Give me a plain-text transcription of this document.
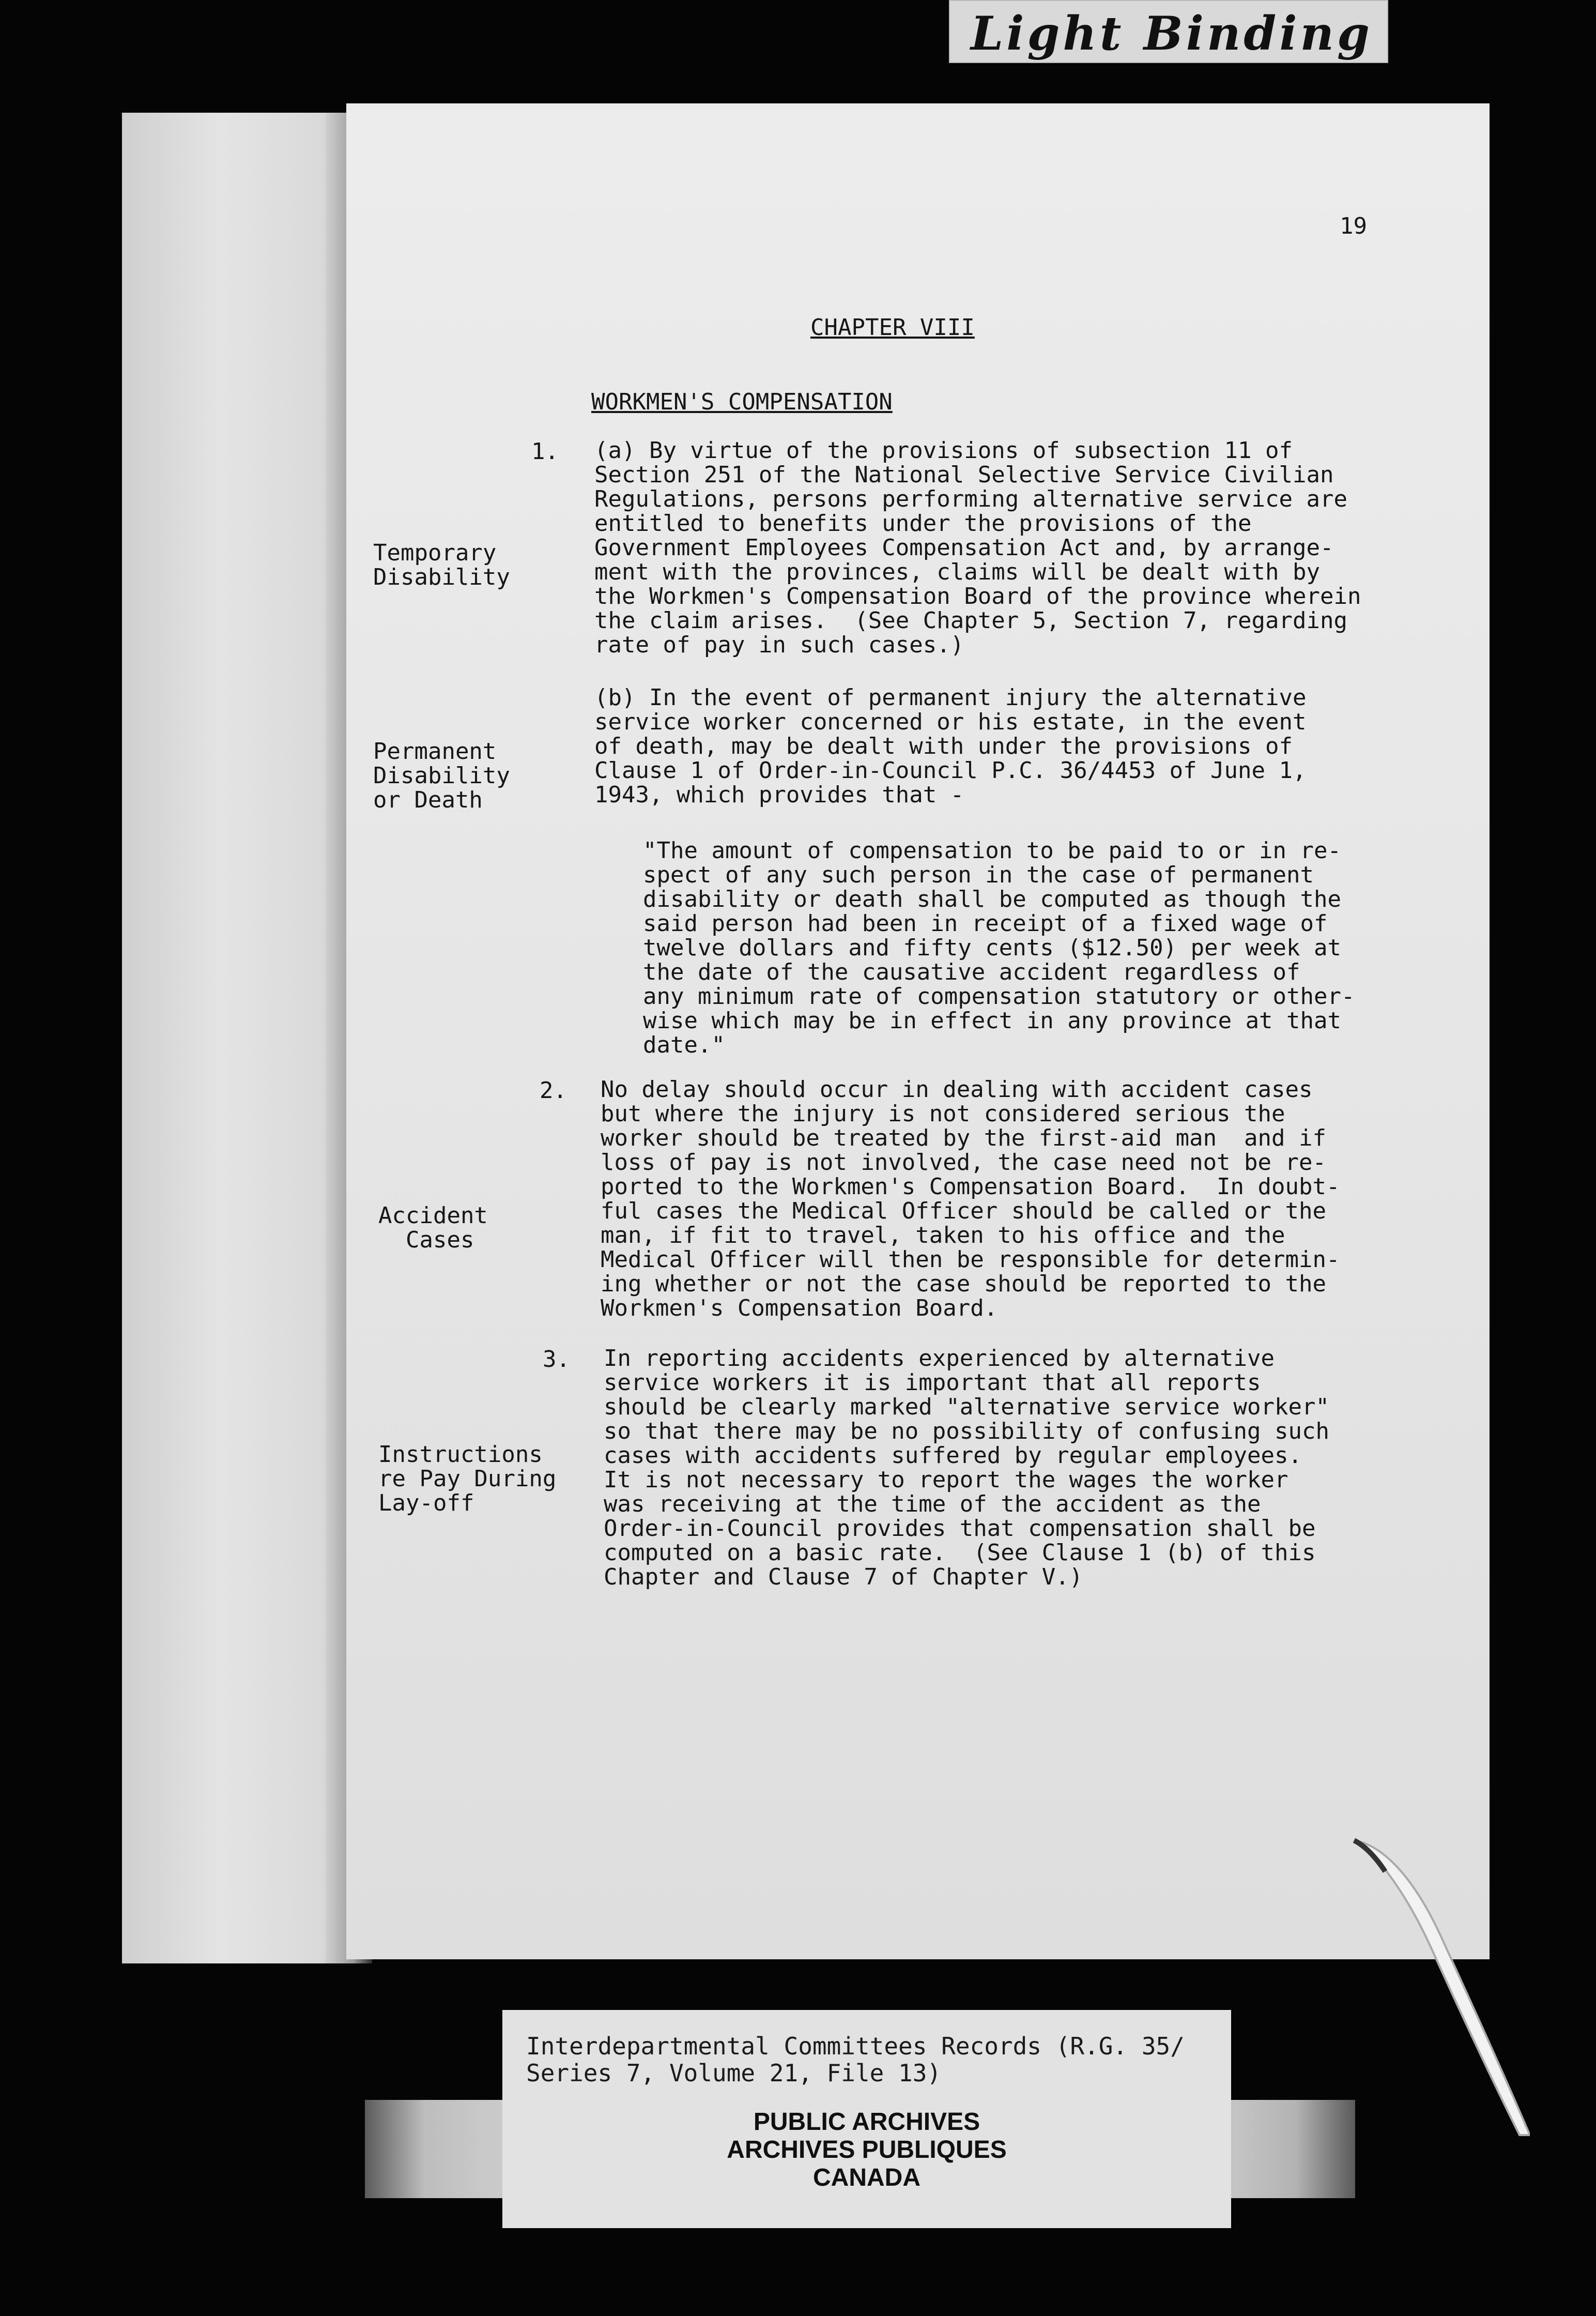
Light Binding
19
CHAPTER VIII
WORKMEN'S COMPENSATION
1. (a) By virtue of the provisions of subsection 11 of
Section 251 of the National Selective Service Civilian
Regulations, persons performing alternative service are
entitled to benefits under the provisions of the
Government Employees Compensation Act and, by arrange-
ment with the provinces, claims will be dealt with by
the Workmen's Compensation Board of the province wherein
the claim arises.  (See Chapter 5, Section 7, regarding
rate of pay in such cases.)
Temporary
Disability
(b) In the event of permanent injury the alternative
service worker concerned or his estate, in the event
of death, may be dealt with under the provisions of
Clause 1 of Order-in-Council P.C. 36/4453 of June 1,
1943, which provides that -
Permanent
Disability
or Death
"The amount of compensation to be paid to or in re-
spect of any such person in the case of permanent
disability or death shall be computed as though the
said person had been in receipt of a fixed wage of
twelve dollars and fifty cents ($12.50) per week at
the date of the causative accident regardless of
any minimum rate of compensation statutory or other-
wise which may be in effect in any province at that
date."
2. No delay should occur in dealing with accident cases
but where the injury is not considered serious the
worker should be treated by the first-aid man  and if
loss of pay is not involved, the case need not be re-
ported to the Workmen's Compensation Board.  In doubt-
ful cases the Medical Officer should be called or the
man, if fit to travel, taken to his office and the
Medical Officer will then be responsible for determin-
ing whether or not the case should be reported to the
Workmen's Compensation Board.
Accident
Cases
3. In reporting accidents experienced by alternative
service workers it is important that all reports
should be clearly marked "alternative service worker"
so that there may be no possibility of confusing such
cases with accidents suffered by regular employees.
It is not necessary to report the wages the worker
was receiving at the time of the accident as the
Order-in-Council provides that compensation shall be
computed on a basic rate.  (See Clause 1 (b) of this
Chapter and Clause 7 of Chapter V.)
Instructions
re Pay During
Lay-off
Interdepartmental Committees Records (R.G. 35/
Series 7, Volume 21, File 13)
PUBLIC ARCHIVES
ARCHIVES PUBLIQUES
CANADA
